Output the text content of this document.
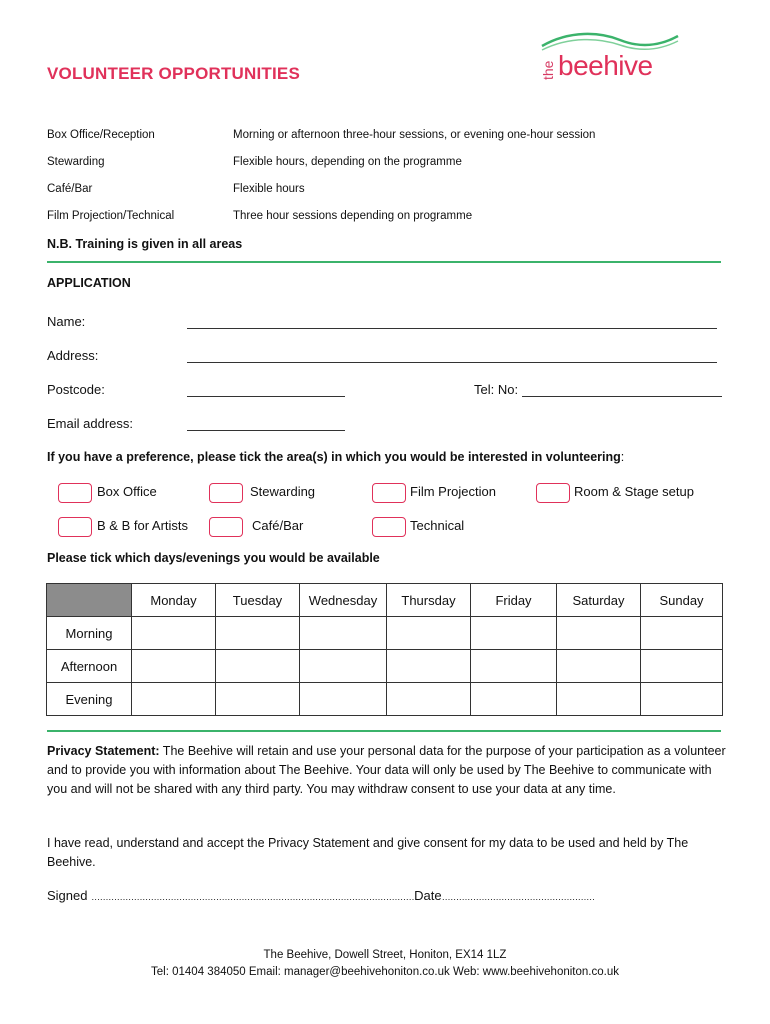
VOLUNTEER OPPORTUNITIES	the beehive
Box Office/Reception	Morning or afternoon three-hour sessions, or evening one-hour session
Stewarding	Flexible hours, depending on the programme
Café/Bar	Flexible hours
Film Projection/Technical	Three hour sessions depending on programme
N.B. Training is given in all areas
APPLICATION
Name:
Address:
Postcode:	Tel: No:
Email address:
If you have a preference, please tick the area(s) in which you would be interested in volunteering:
Box Office	Stewarding	Film Projection	Room & Stage setup
B & B for Artists	Café/Bar	Technical
Please tick which days/evenings you would be available
	Monday	Tuesday	Wednesday	Thursday	Friday	Saturday	Sunday
Morning							
Afternoon							
Evening							
Privacy Statement: The Beehive will retain and use your personal data for the purpose of your participation as a volunteer and to provide you with information about The Beehive. Your data will only be used by The Beehive to communicate with you and will not be shared with any third party. You may withdraw consent to use your data at any time.
I have read, understand and accept the Privacy Statement and give consent for my data to be used and held by The Beehive.
Signed ……………………………………………………………………………………………………Date………………………………………………
The Beehive, Dowell Street, Honiton, EX14 1LZ
Tel: 01404 384050 Email: manager@beehivehoniton.co.uk Web: www.beehivehoniton.co.uk
